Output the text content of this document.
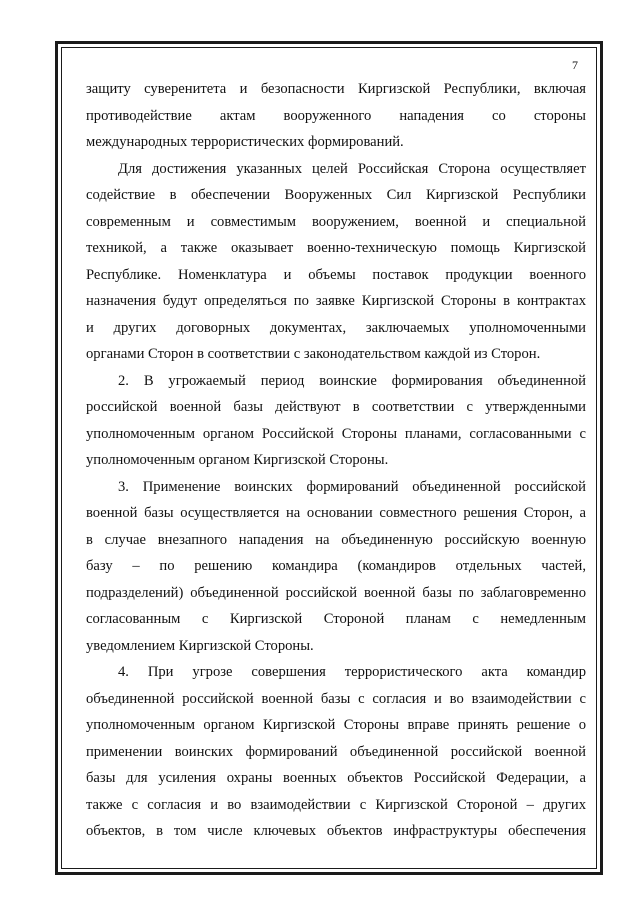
7
защиту суверенитета и безопасности Киргизской Республики, включая
противодействие актам вооруженного нападения со стороны
международных террористических формирований.
Для достижения указанных целей Российская Сторона осуществляет
содействие в обеспечении Вооруженных Сил Киргизской Республики
современным и совместимым вооружением, военной и специальной
техникой, а также оказывает военно-техническую помощь Киргизской
Республике. Номенклатура и объемы поставок продукции военного
назначения будут определяться по заявке Киргизской Стороны в контрактах
и других договорных документах, заключаемых уполномоченными
органами Сторон в соответствии с законодательством каждой из Сторон.
2. В угрожаемый период воинские формирования объединенной
российской военной базы действуют в соответствии с утвержденными
уполномоченным органом Российской Стороны планами, согласованными с
уполномоченным органом Киргизской Стороны.
3. Применение воинских формирований объединенной российской
военной базы осуществляется на основании совместного решения Сторон, а
в случае внезапного нападения на объединенную российскую военную
базу – по решению командира (командиров отдельных частей,
подразделений) объединенной российской военной базы по заблаговременно
согласованным с Киргизской Стороной планам с немедленным
уведомлением Киргизской Стороны.
4. При угрозе совершения террористического акта командир
объединенной российской военной базы с согласия и во взаимодействии с
уполномоченным органом Киргизской Стороны вправе принять решение о
применении воинских формирований объединенной российской военной
базы для усиления охраны военных объектов Российской Федерации, а
также с согласия и во взаимодействии с Киргизской Стороной – других
объектов, в том числе ключевых объектов инфраструктуры обеспечения
